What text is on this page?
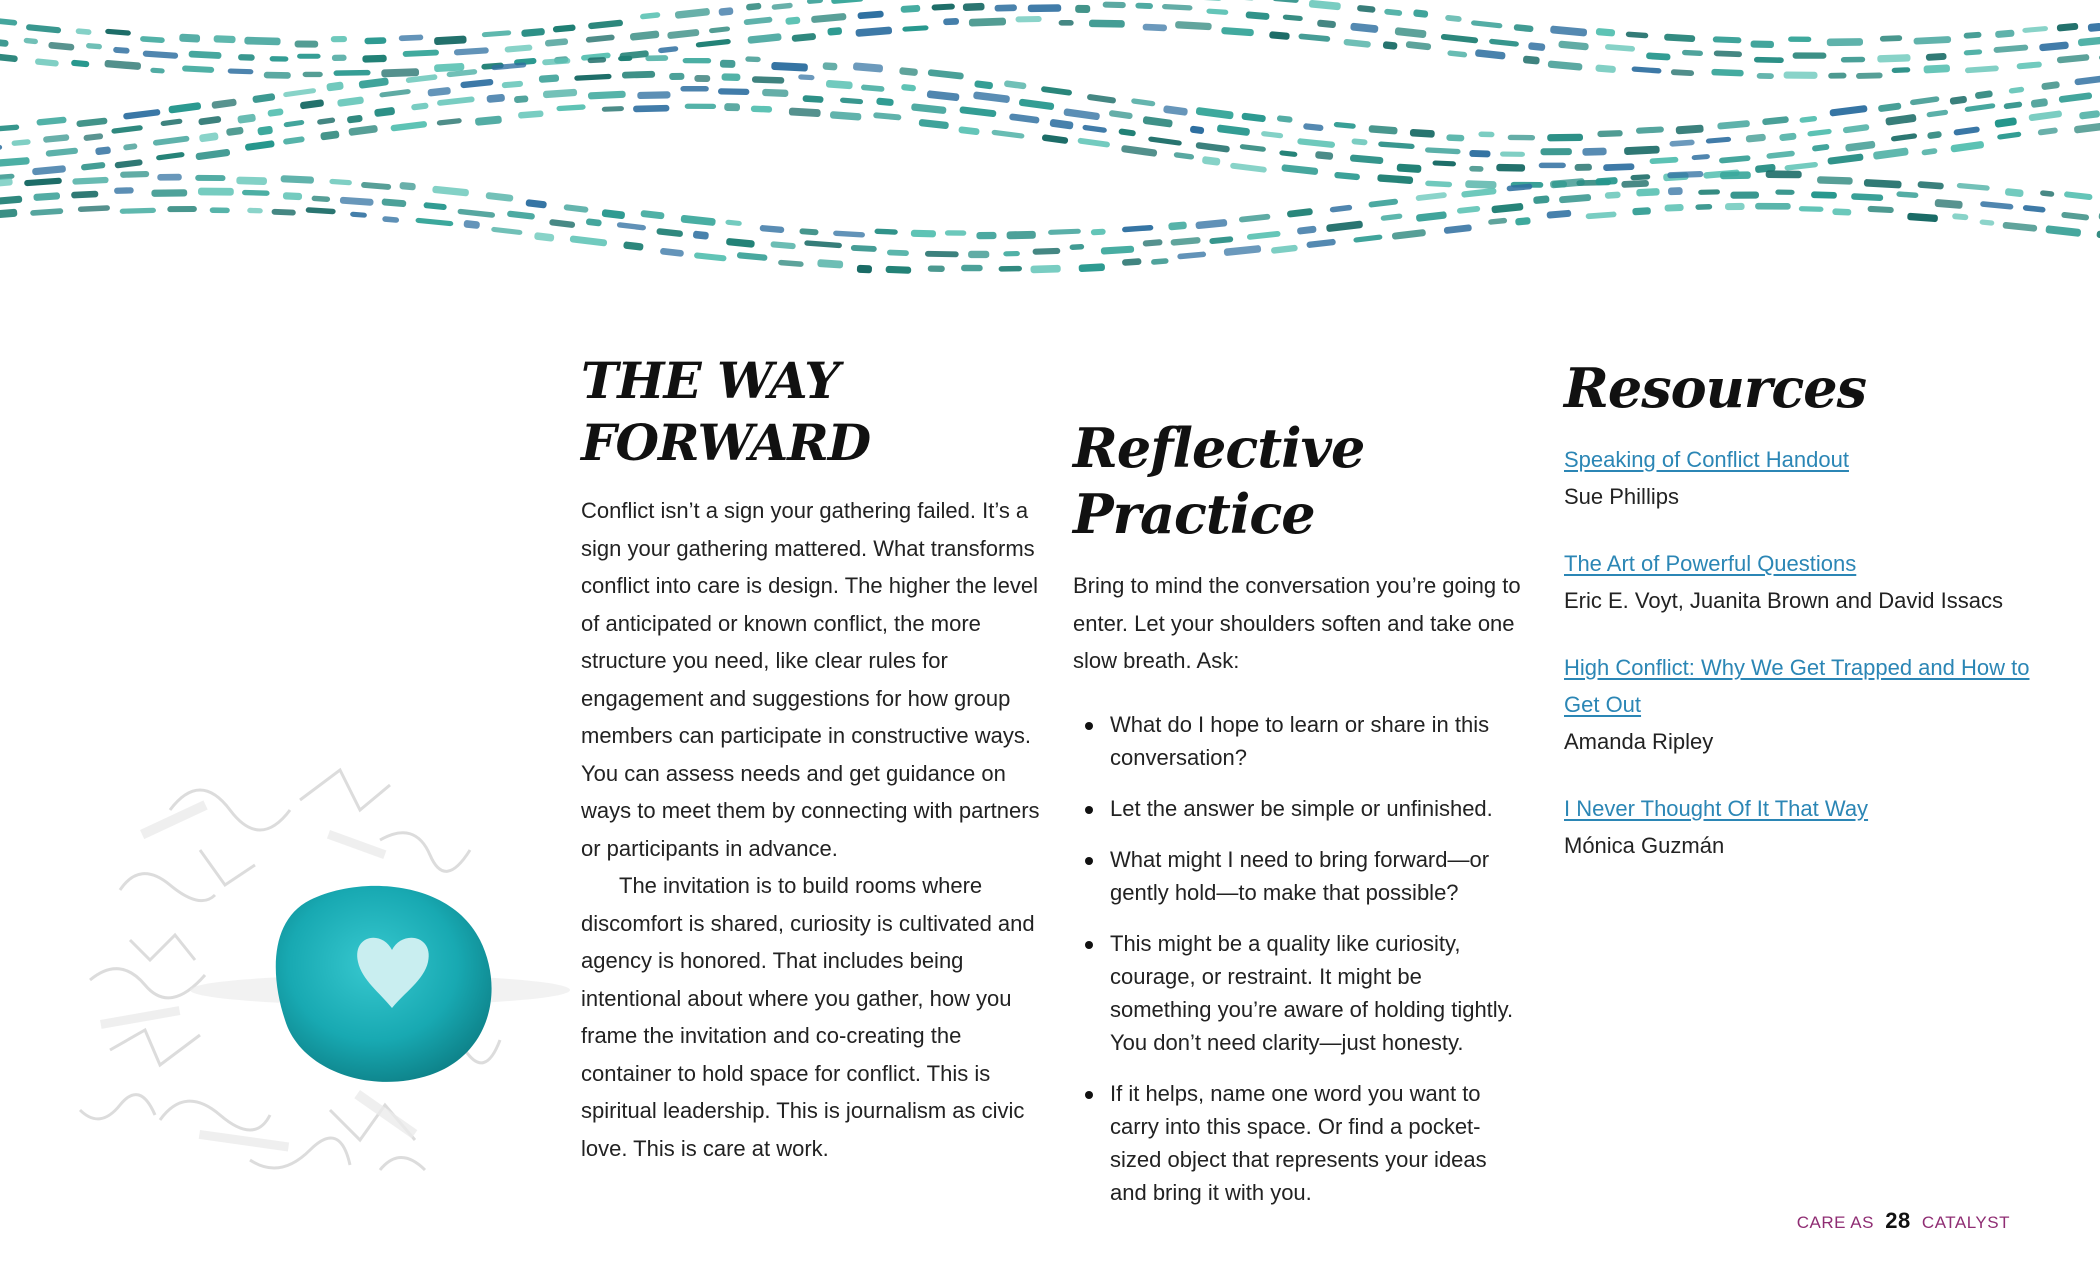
THE WAY FORWARD

Conflict isn’t a sign your gathering failed. It’s a sign your gathering mattered. What transforms conflict into care is design. The higher the level of anticipated or known conflict, the more structure you need, like clear rules for engagement and suggestions for how group members can participate in constructive ways. You can assess needs and get guidance on ways to meet them by connecting with partners or participants in advance.

The invitation is to build rooms where discomfort is shared, curiosity is cultivated and agency is honored. That includes being intentional about where you gather, how you frame the invitation and co-creating the container to hold space for conflict. This is spiritual leadership. This is journalism as civic love. This is care at work.

Reflective Practice

Bring to mind the conversation you’re going to enter. Let your shoulders soften and take one slow breath. Ask:

What do I hope to learn or share in this conversation?
Let the answer be simple or unfinished.
What might I need to bring forward—or gently hold—to make that possible?
This might be a quality like curiosity, courage, or restraint. It might be something you’re aware of holding tightly. You don’t need clarity—just honesty.
If it helps, name one word you want to carry into this space. Or find a pocket-sized object that represents your ideas and bring it with you.
Resources
Speaking of Conflict Handout
Sue Phillips
The Art of Powerful Questions
Eric E. Voyt, Juanita Brown and David Issacs
High Conflict: Why We Get Trapped and How to Get Out
Amanda Ripley
I Never Thought Of It That Way
Mónica Guzmán
CARE AS 28 CATALYST
